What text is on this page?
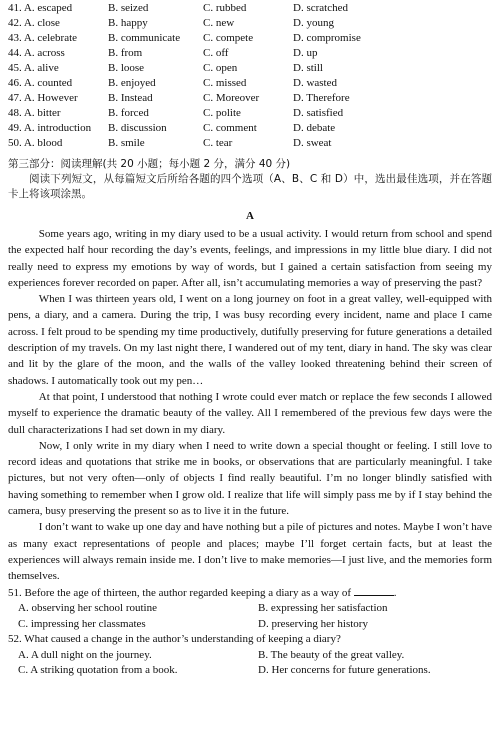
41. A. escaped	B. seized	C. rubbed	D. scratched
42. A. close	B. happy	C. new	D. young
43. A. celebrate	B. communicate	C. compete	D. compromise
44. A. across	B. from	C. off	D. up
45. A. alive	B. loose	C. open	D. still
46. A. counted	B. enjoyed	C. missed	D. wasted
47. A. However	B. Instead	C. Moreover	D. Therefore
48. A. bitter	B. forced	C. polite	D. satisfied
49. A. introduction	B. discussion	C. comment	D. debate
50. A. blood	B. smile	C. tear	D. sweat
第三部分：阅读理解(共 20 小题；每小题 2 分，满分 40 分)
阅读下列短文，从每篇短文后所给各题的四个选项（A、B、C 和 D）中，选出最佳选项，并在答题卡上将该项涂黑。
A

Some years ago, writing in my diary used to be a usual activity. I would return from school and spend the expected half hour recording the day’s events, feelings, and impressions in my little blue diary. I did not really need to express my emotions by way of words, but I gained a certain satisfaction from seeing my experiences forever recorded on paper. After all, isn’t accumulating memories a way of preserving the past?

When I was thirteen years old, I went on a long journey on foot in a great valley, well-equipped with pens, a diary, and a camera. During the trip, I was busy recording every incident, name and place I came across. I felt proud to be spending my time productively, dutifully preserving for future generations a detailed description of my travels. On my last night there, I wandered out of my tent, diary in hand. The sky was clear and lit by the glare of the moon, and the walls of the valley looked threatening behind their screen of shadows. I automatically took out my pen…

At that point, I understood that nothing I wrote could ever match or replace the few seconds I allowed myself to experience the dramatic beauty of the valley. All I remembered of the previous few days were the dull characterizations I had set down in my diary.

Now, I only write in my diary when I need to write down a special thought or feeling. I still love to record ideas and quotations that strike me in books, or observations that are particularly meaningful. I take pictures, but not very often—only of objects I find really beautiful. I’m no longer blindly satisfied with having something to remember when I grow old. I realize that life will simply pass me by if I stay behind the camera, busy preserving the present so as to live it in the future.

I don’t want to wake up one day and have nothing but a pile of pictures and notes. Maybe I won’t have as many exact representations of people and places; maybe I’ll forget certain facts, but at least the experiences will always remain inside me. I don’t live to make memories—I just live, and the memories form themselves.

51. Before the age of thirteen, the author regarded keeping a diary as a way of	.

A. observing her school routine	B. expressing her satisfaction
C. impressing her classmates	D. preserving her history

52. What caused a change in the author’s understanding of keeping a diary?

A. A dull night on the journey.	B. The beauty of the great valley.
C. A striking quotation from a book.	D. Her concerns for future generations.
